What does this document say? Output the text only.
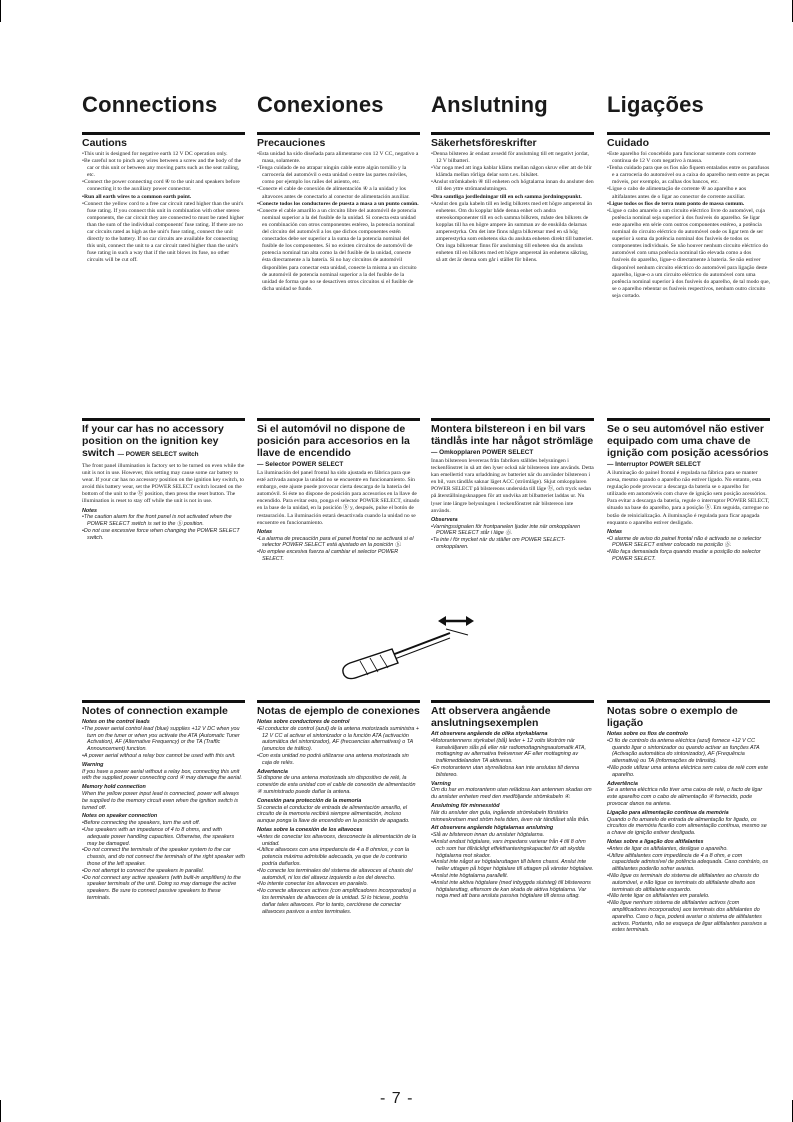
Connections Conexiones Anslutning	Ligações
Cautions
• This unit is designed for negative earth 12 V DC operation only.
• Be careful not to pinch any wires between a screw and the body of the car or this unit or between any moving parts such as the seat railing, etc.
• Connect the power connecting cord ④ to the unit and speakers before connecting it to the auxiliary power connector.
• Run all earth wires to a common earth point.
• Connect the yellow cord to a free car circuit rated higher than the unit's fuse rating. If you connect this unit in combination with other stereo components, the car circuit they are connected to must be rated higher than the sum of the individual components' fuse rating. If there are no car circuits rated as high as the unit's fuse rating, connect the unit directly to the battery. If no car circuits are available for connecting this unit, connect the unit to a car circuit rated higher than the unit's fuse rating in such a way that if the unit blows its fuse, no other circuits will be cut off.
Precauciones
• Esta unidad ha sido diseñada para alimentarse con 12 V CC, negativo a masa, solamente.
• Tenga cuidado de no atrapar ningún cable entre algún tornillo y la carrocería del automóvil o esta unidad o entre las partes móviles, como por ejemplo los raíles del asiento, etc.
• Conecte el cable de conexión de alimentación ④ a la unidad y los altavoces antes de conectarlo al conector de alimentación auxiliar.
• Conecte todos los conductores de puesta a masa a un punto común.
• Conecte el cable amarillo a un circuito libre del automóvil de potencia nominal superior a la del fusible de la unidad. Si conecta esta unidad en combinación con otros componentes estéreo, la potencia nominal del circuito del automóvil a los que dichos componentes estén conectados debe ser superior a la suma de la potencia nominal del fusible de los componentes. Si no existen circuitos de automóvil de potencia nominal tan alta como la del fusible de la unidad, conecte ésta directamente a la batería. Si no hay circuitos de automóvil disponibles para conectar esta unidad, conecte la misma a un circuito de automóvil de potencia nominal superior a la del fusible de la unidad de forma que no se desactiven otros circuitos si el fusible de dicha unidad se funde.
Säkerhetsföreskrifter
• Denna bilstereo är endast avsedd för anslutning till ett negativt jordat, 12 V bilbatteri.
• Var noga med att inga kablar kläms mellan någon skruv eller att de blir klämda mellan rörliga delar som t.ex. bilsätet.
• Anslut strömkabeln ④ till enheten och högtalarna innan du ansluter den till den yttre strömanslutningen.
• Dra samtliga jordledningar till en och samma jordningspunkt.
• Anslut den gula kabeln till en ledig bilkrets med ett högre amperetal än enhetens. Om du kopplar både denna enhet och andra stereokomponenter till en och samma bilkrets, måste den bilkrets de kopplas till ha en högre ampere än summan av de enskilda delarnas amperestyrka. Om det inte finns några bilkretsar med en så hög amperestyrka som enhetens ska du ansluta enheten direkt till batteriet. Om inga bilkretsar finns för anslutning till enheten ska du ansluta enheten till en bilkrets med ett högre amperetal än enhetens säkring, så att det är denna som går i stället för bilens.
Cuidado
• Este aparelho foi concebido para funcionar somente com corrente contínua de 12 V com negativo à massa.
• Tenha cuidado para que os fios não fiquem entalados entre os parafusos e a carroceria do automóvel ou a caixa do aparelho nem entre as peças móveis, por exemplo, as calhas dos bancos, etc.
• Ligue o cabo de alimentação de corrente ④ ao aparelho e aos altifalantes antes de o ligar ao conector de corrente auxiliar.
• Ligue todos os fios de terra num ponto de massa comum.
• Ligue o cabo amarelo a um circuito eléctrico livre do automóvel, cuja potência nominal seja superior à dos fusíveis do aparelho. Se ligar este aparelho em série com outros componentes estéreo, a potência nominal do circuito eléctrico do automóvel onde os ligar tem de ser superior à soma da potência nominal dos fusíveis de todos os componentes individuais. Se não houver nenhum circuito eléctrico do automóvel com uma potência nominal tão elevada como a dos fusíveis do aparelho, ligue-o directamente à bateria. Se não estiver disponível nenhum circuito eléctrico do automóvel para ligação deste aparelho, ligue-o a um circuito eléctrico do automóvel com uma potência nominal superior à dos fusíveis do aparelho, de tal modo que, se o aparelho rebentar os fusíveis respectivos, nenhum outro circuito seja cortado.
If your car has no accessory position on the ignition key switch — POWER SELECT switch
The front panel illumination is factory set to be turned on even while the unit is not in use. However, this setting may cause some car battery to wear. If your car has no accessory position on the ignition key switch, to avoid this battery wear, set the POWER SELECT switch located on the bottom of the unit to the ⓑ position, then press the reset button. The illumination is reset to stay off while the unit is not in use.
Notes
• The caution alarm for the front panel is not activated when the POWER SELECT switch is set to the ⓑ position.
• Do not use excessive force when changing the POWER SELECT switch.
Si el automóvil no dispone de posición para accesorios en la llave de encendido
— Selector POWER SELECT
La iluminación del panel frontal ha sido ajustada en fábrica para que esté activada aunque la unidad no se encuentre en funcionamiento. Sin embargo, este ajuste puede provocar cierta descarga de la batería del automóvil. Si éste no dispone de posición para accesorios en la llave de encendido. Para evitar esto, ponga el selector POWER SELECT, situado en la base de la unidad, en la posición ⓑ y, después, pulse el botón de restauración. La iluminación estará desactivada cuando la unidad no se encuentre en funcionamiento.
Notas
• La alarma de precaución para el panel frontal no se activará si el selector POWER SELECT está ajustado en la posición ⓑ.
• No emplee excesiva fuerza al cambiar el selector POWER SELECT.
Montera bilstereon i en bil vars tändlås inte har något strömläge
— Omkopplaren POWER SELECT
Innan bilstereon levereras från fabriken ställdes belysningen i teckenfönstret in så att den lyser också när bilstereon inte används. Detta kan emellertid vara urladdning av batteriet när du använder bilstereon i en bil, vars tändlås saknar läget ACC (strömläge). Skjut omkopplaren POWER SELECT på bilstereons undersida till läge ⓑ, och tryck sedan på återställningsknappen för att undvika att bilbatteriet laddas ur. Nu lyser inte längre belysningen i teckenfönstret när bilstereon inte används.
Observera
• Varningssignalen för frontpanelen ljuder inte när omkopplaren POWER SELECT står i läge ⓑ.
• Ta inte i för mycket när du ställer om POWER SELECT-omkopplaren.
Se o seu automóvel não estiver equipado com uma chave de ignição com posição acessórios
— Interruptor POWER SELECT
A iluminação do painel frontal é regulada na fábrica para se manter acesa, mesmo quando o aparelho não estiver ligado. No entanto, esta regulação pode provocar a descarga da bateria se o aparelho for utilizado em automóveis com chave de ignição sem posição acessórios. Para evitar a descarga da bateria, regule o interruptor POWER SELECT, situado na base do aparelho, para a posição ⓑ. Em seguida, carregue no botão de reinicialização. A iluminação é regulada para ficar apagada enquanto o aparelho estiver desligado.
Notas
• O alarme de aviso do painel frontal não é activado se o selector POWER SELECT estiver colocado na posição ⓑ.
• Não faça demasiada força quando mudar a posição do selector POWER SELECT.
Notes of connection example
Notes on the control leads
• The power aerial control lead (blue) supplies +12 V DC when you turn on the tuner or when you activate the ATA (Automatic Tuner Activation), AF (Alternative Frequency) or the TA (Traffic Announcement) function.
• A power aerial without a relay box cannot be used with this unit.
Warning
If you have a power aerial without a relay box, connecting this unit with the supplied power connecting cord ④ may damage the aerial.
Memory hold connection
When the yellow power input lead is connected, power will always be supplied to the memory circuit even when the ignition switch is turned off.
Notes on speaker connection
• Before connecting the speakers, turn the unit off.
• Use speakers with an impedance of 4 to 8 ohms, and with adequate power handling capacities. Otherwise, the speakers may be damaged.
• Do not connect the terminals of the speaker system to the car chassis, and do not connect the terminals of the right speaker with those of the left speaker.
• Do not attempt to connect the speakers in parallel.
• Do not connect any active speakers (with built-in amplifiers) to the speaker terminals of the unit. Doing so may damage the active speakers. Be sure to connect passive speakers to these terminals.
Notas de ejemplo de conexiones
Notas sobre conductores de control
• El conductor de control (azul) de la antena motorizada suministra + 12 V CC al activar el sintonizador o la función ATA (activación automática del sintonizador), AF (frecuencias alternativas) o TA (anuncios de tráfico).
• Con esta unidad no podrá utilizarse una antena motorizada sin caja de relés.
Advertencia
Si dispone de una antena motorizada sin dispositivo de relé, la conexión de esta unidad con el cable de conexión de alimentación ④ suministrado puede dañar la antena.
Conexión para protección de la memoria
Si conecta el conductor de entrada de alimentación amarillo, el circuito de la memoria recibirá siempre alimentación, incluso aunque ponga la llave de encendido en la posición de apagado.
Notas sobre la conexión de los altavoces
• Antes de conectar los altavoces, desconecte la alimentación de la unidad.
• Utilice altavoces con una impedancia de 4 a 8 ohmios, y con la potencia máxima admisible adecuada, ya que de lo contrario podría dañarlos.
• No conecte los terminales del sistema de altavoces al chasis del automóvil, ni los del altavoz izquierdo a los del derecho.
• No intente conectar los altavoces en paralelo.
• No conecte altavoces activos (con amplificadores incorporados) a los terminales de altavoces de la unidad. Si lo hiciese, podría dañar tales altavoces. Por lo tanto, cerciórese de conectar altavoces pasivos a estos terminales.
Att observera angående anslutningsexemplen
Att observera angående de olika styrkablarna
• Motorantennens styrkabel (blå) leder + 12 volts likström när kanalväljaren slås på eller när radiomottagningsautomatik ATA, mottagning av alternativa frekvenser AF eller mottagning av trafikmeddelanden TA aktiveras.
• En motorantenn utan styrrelädosa kan inte anslutas till denna bilstereo.
Varning
Om du har en motorantenn utan relädosa kan antennen skadas om du ansluter enheten med den medföljande strömkabeln ④.
Anslutning för minnesstöd
När du ansluter den gula, ingående strömkabeln förstärks minneskretsen med ström hela tiden, även när tändlåset slås ifrån.
Att observera angående högtalarnas anslutning
• Slå av bilstereon innan du ansluter högtalarna.
• Anslut endast högtalare, vars impedans varierar från 4 till 8 ohm och som har tillräckligt effekthanteringskapacitet för att skydda högtalarna mot skador.
• Anslut inte något av högtalaruttagen till bilens chassi. Anslut inte heller uttagen på höger högtalare till uttagen på vänster högtalare.
• Anslut inte högtalarna parallellt.
• Anslut inte aktiva högtalare (med inbyggda slutsteg) till bilstereons högtalaruttag, eftersom de kan skada de aktiva högtalarna. Var noga med att bara ansluta passiva högtalare till dessa uttag.
Notas sobre o exemplo de ligação
Notas sobre os fios de controlo
• O fio de controlo da antena eléctrica (azul) fornece +12 V CC quando ligar o sintonizador ou quando activar as funções ATA (Activação automática do sintonizador), AF (Frequência alternativa) ou TA (Informações de trânsito).
• Não pode utilizar uma antena eléctrica sem caixa de relé com este aparelho.
Advertência
Se a antena eléctrica não tiver uma caixa de relé, o facto de ligar este aparelho com o cabo de alimentação ④ fornecido, pode provocar danos na antena.
Ligação para alimentação contínua da memória
Quando o fio amarelo de entrada de alimentação for ligado, os circuitos de memória ficarão com alimentação contínua, mesmo se a chave de ignição estiver desligada.
Notas sobre a ligação dos altifalantes
• Antes de ligar os altifalantes, desligue o aparelho.
• Utilize altifalantes com impedância de 4 a 8 ohm, e com capacidade admissível de potência adequada. Caso contrário, os altifalantes poderão sofrer avarias.
• Não ligue os terminais do sistema de altifalantes ao chassis do automóvel, e não ligue os terminais do altifalante direito aos terminais do altifalante esquerdo.
• Não tente ligar os altifalantes em paralelo.
• Não ligue nenhum sistema de altifalantes activos (com amplificadores incorporados) aos terminais dos altifalantes do aparelho. Caso o faça, poderá avariar o sistema de altifalantes activos. Portanto, não se esqueça de ligar altifalantes passivos a estes terminais.
- 7 -
